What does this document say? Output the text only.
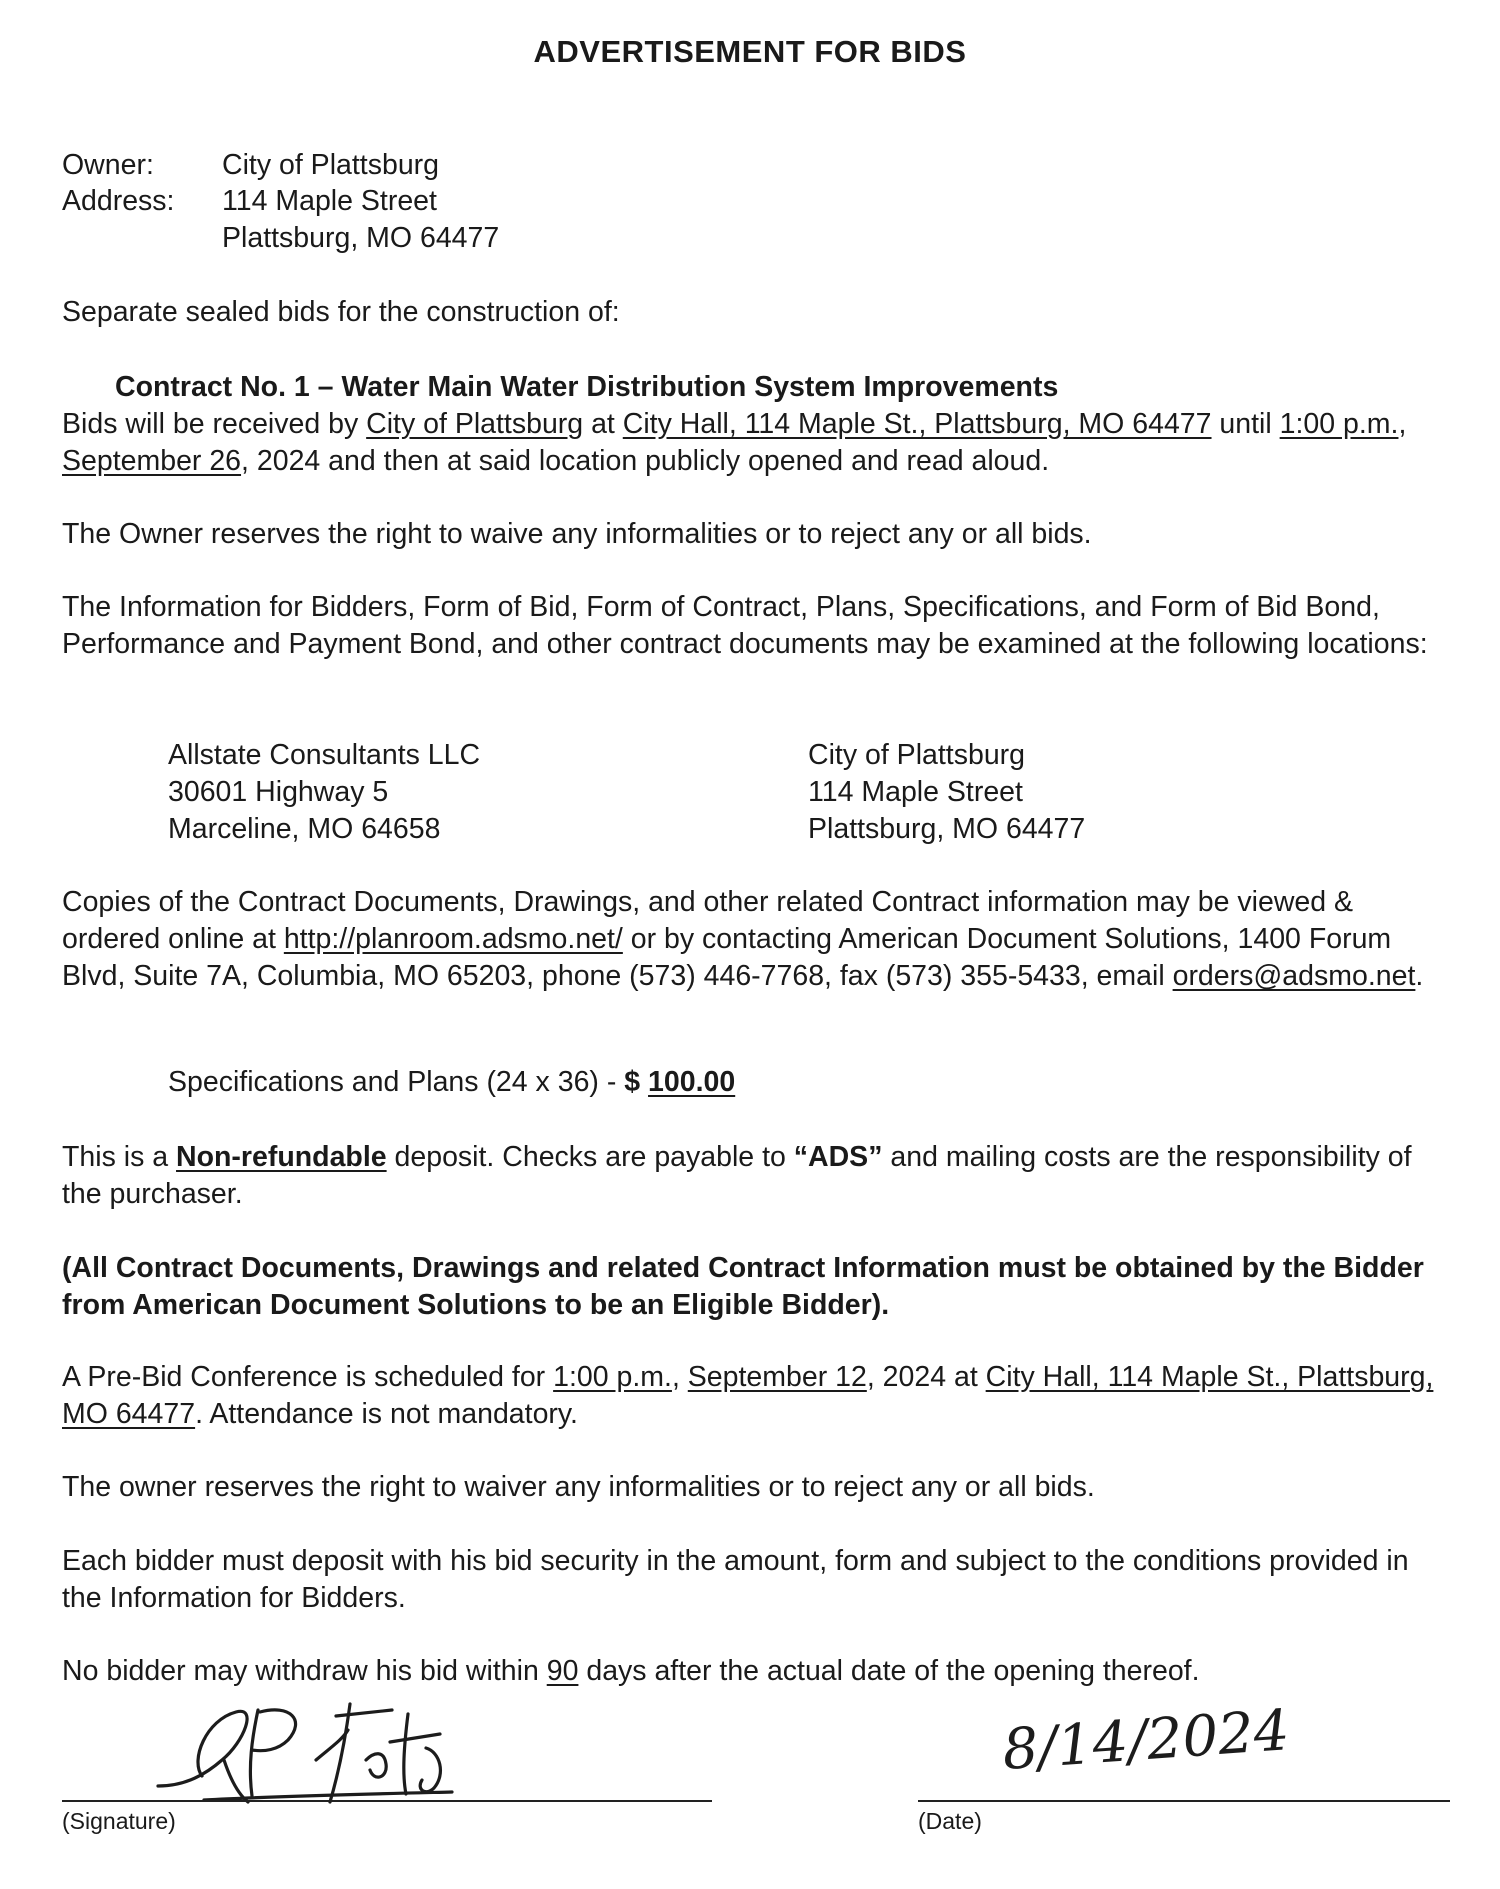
ADVERTISEMENT FOR BIDS
Owner: City of Plattsburg
Address: 114 Maple Street
Plattsburg, MO 64477

Separate sealed bids for the construction of:

Contract No. 1 – Water Main Water Distribution System Improvements

Bids will be received by City of Plattsburg at City Hall, 114 Maple St., Plattsburg, MO 64477 until 1:00 p.m., September 26, 2024 and then at said location publicly opened and read aloud.

The Owner reserves the right to waive any informalities or to reject any or all bids.

The Information for Bidders, Form of Bid, Form of Contract, Plans, Specifications, and Form of Bid Bond, Performance and Payment Bond, and other contract documents may be examined at the following locations:

Allstate Consultants LLC
30601 Highway 5
Marceline, MO 64658
City of Plattsburg
114 Maple Street
Plattsburg, MO 64477

Copies of the Contract Documents, Drawings, and other related Contract information may be viewed & ordered online at http://planroom.adsmo.net/ or by contacting American Document Solutions, 1400 Forum Blvd, Suite 7A, Columbia, MO 65203, phone (573) 446-7768, fax (573) 355-5433, email orders@adsmo.net.

Specifications and Plans (24 x 36) - $ 100.00

This is a Non-refundable deposit. Checks are payable to “ADS” and mailing costs are the responsibility of the purchaser.

(All Contract Documents, Drawings and related Contract Information must be obtained by the Bidder from American Document Solutions to be an Eligible Bidder).

A Pre-Bid Conference is scheduled for 1:00 p.m., September 12, 2024 at City Hall, 114 Maple St., Plattsburg, MO 64477. Attendance is not mandatory.

The owner reserves the right to waiver any informalities or to reject any or all bids.

Each bidder must deposit with his bid security in the amount, form and subject to the conditions provided in the Information for Bidders.

No bidder may withdraw his bid within 90 days after the actual date of the opening thereof.

(Signature)
8/14/2024
(Date)
